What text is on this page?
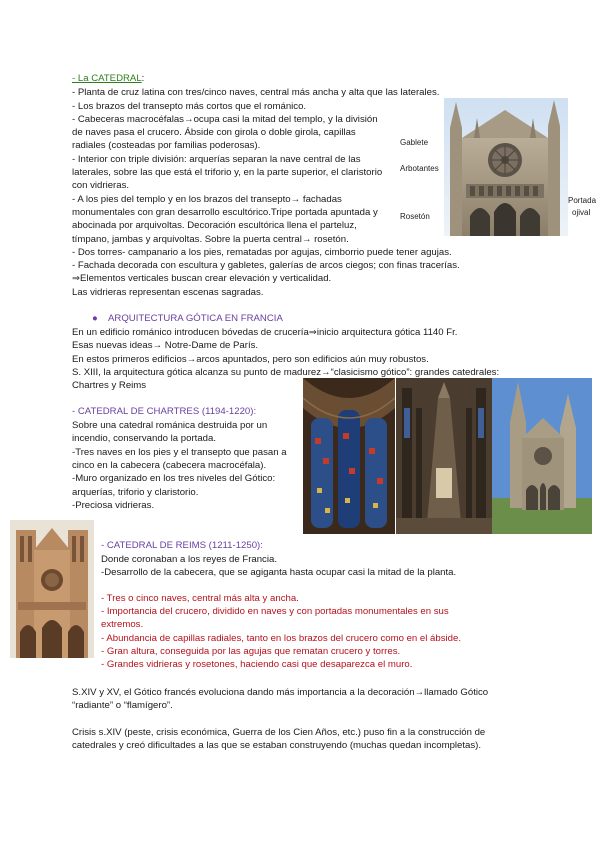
- La CATEDRAL:
- Planta de cruz latina con tres/cinco naves, central más ancha y alta que las laterales.
- Los brazos del transepto más cortos que el románico.
- Cabeceras macrocéfalas→ocupa casi la mitad del templo, y la división
de naves pasa el crucero. Ábside con girola o doble girola, capillas
radiales (costeadas por familias poderosas).
- Interior con triple división: arquerías separan la nave central de las
laterales, sobre las que está el triforio y, en la parte superior, el claristorio
con vidrieras.
- A los pies del templo y en los brazos del transepto→ fachadas
monumentales con gran desarrollo escultórico.Tripe portada apuntada y
abocinada por arquivoltas. Decoración escultórica llena el parteluz,
tímpano, jambas y arquivoltas. Sobre la puerta central→ rosetón.
- Dos torres- campanario a los pies, rematadas por agujas, cimborrio puede tener agujas.
- Fachada decorada con escultura y gabletes, galerías de arcos ciegos; con finas tracerías.
⇒Elementos verticales buscan crear elevación y verticalidad.
Las vidrieras representan escenas sagradas.
Gablete
Arbotantes
Rosetón
Portada
ojival
● ARQUITECTURA GÓTICA EN FRANCIA
En un edificio románico introducen bóvedas de crucería⇒inicio arquitectura gótica 1140 Fr.
Esas nuevas ideas→ Notre-Dame de París.
En estos primeros edificios→arcos apuntados, pero son edificios aún muy robustos.
S. XIII, la arquitectura gótica alcanza su punto de madurez→“clasicismo gótico”: grandes catedrales:
Chartres y Reims
- CATEDRAL DE CHARTRES (1194-1220):
Sobre una catedral románica destruida por un
incendio, conservando la portada.
-Tres naves en los pies y el transepto que pasan a
cinco en la cabecera (cabecera macrocéfala).
-Muro organizado en los tres niveles del Gótico:
arquerías, triforio y claristorio.
-Preciosa vidrieras.
- CATEDRAL DE REIMS (1211-1250):
Donde coronaban a los reyes de Francia.
-Desarrollo de la cabecera, que se agiganta hasta ocupar casi la mitad de la planta.
- Tres o cinco naves, central más alta y ancha.
- Importancia del crucero, dividido en naves y con portadas monumentales en sus
extremos.
- Abundancia de capillas radiales, tanto en los brazos del crucero como en el ábside.
- Gran altura, conseguida por las agujas que rematan crucero y torres.
- Grandes vidrieras y rosetones, haciendo casi que desaparezca el muro.
S.XIV y XV, el Gótico francés evoluciona dando más importancia a la decoración→llamado Gótico
“radiante” o “flamígero”.
Crisis s.XIV (peste, crisis económica, Guerra de los Cien Años, etc.) puso fin a la construcción de
catedrales y creó dificultades a las que se estaban construyendo (muchas quedan incompletas).
